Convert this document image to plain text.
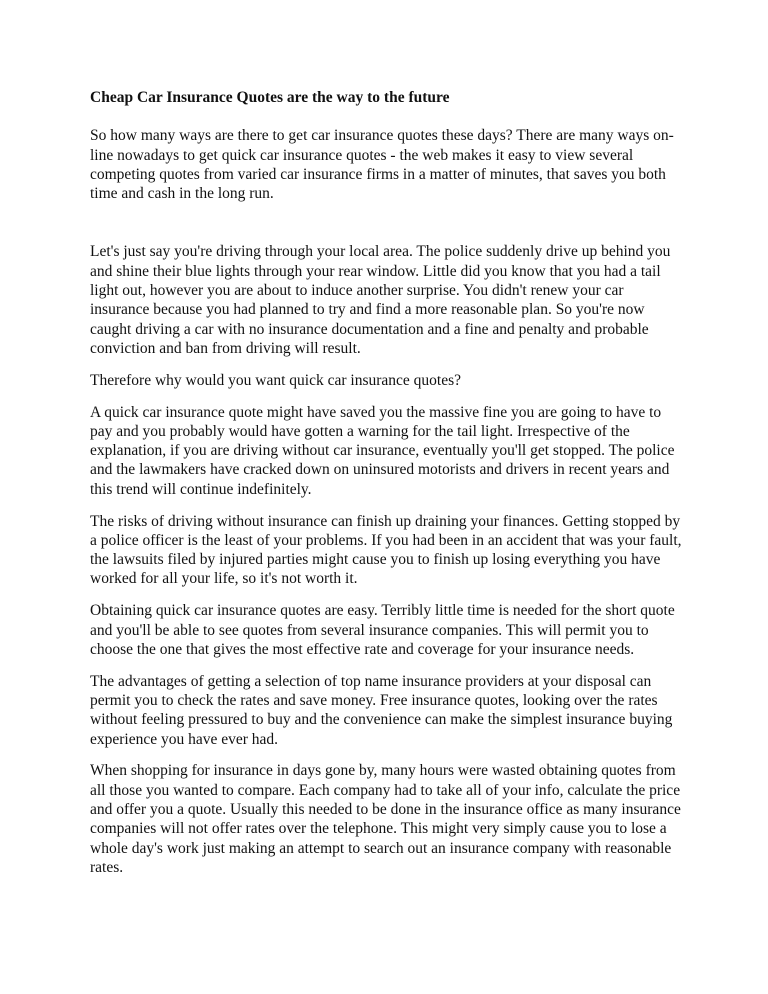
Cheap Car Insurance Quotes are the way to the future

So how many ways are there to get car insurance quotes these days? There are many ways on-line nowadays to get quick car insurance quotes - the web makes it easy to view several competing quotes from varied car insurance firms in a matter of minutes, that saves you both time and cash in the long run.

Let's just say you're driving through your local area. The police suddenly drive up behind you and shine their blue lights through your rear window. Little did you know that you had a tail light out, however you are about to induce another surprise. You didn't renew your car insurance because you had planned to try and find a more reasonable plan. So you're now caught driving a car with no insurance documentation and a fine and penalty and probable conviction and ban from driving will result.

Therefore why would you want quick car insurance quotes?

A quick car insurance quote might have saved you the massive fine you are going to have to pay and you probably would have gotten a warning for the tail light. Irrespective of the explanation, if you are driving without car insurance, eventually you'll get stopped. The police and the lawmakers have cracked down on uninsured motorists and drivers in recent years and this trend will continue indefinitely.

The risks of driving without insurance can finish up draining your finances. Getting stopped by a police officer is the least of your problems. If you had been in an accident that was your fault, the lawsuits filed by injured parties might cause you to finish up losing everything you have worked for all your life, so it's not worth it.

Obtaining quick car insurance quotes are easy. Terribly little time is needed for the short quote and you'll be able to see quotes from several insurance companies. This will permit you to choose the one that gives the most effective rate and coverage for your insurance needs.

The advantages of getting a selection of top name insurance providers at your disposal can permit you to check the rates and save money. Free insurance quotes, looking over the rates without feeling pressured to buy and the convenience can make the simplest insurance buying experience you have ever had.

When shopping for insurance in days gone by, many hours were wasted obtaining quotes from all those you wanted to compare. Each company had to take all of your info, calculate the price and offer you a quote. Usually this needed to be done in the insurance office as many insurance companies will not offer rates over the telephone. This might very simply cause you to lose a whole day's work just making an attempt to search out an insurance company with reasonable rates.
